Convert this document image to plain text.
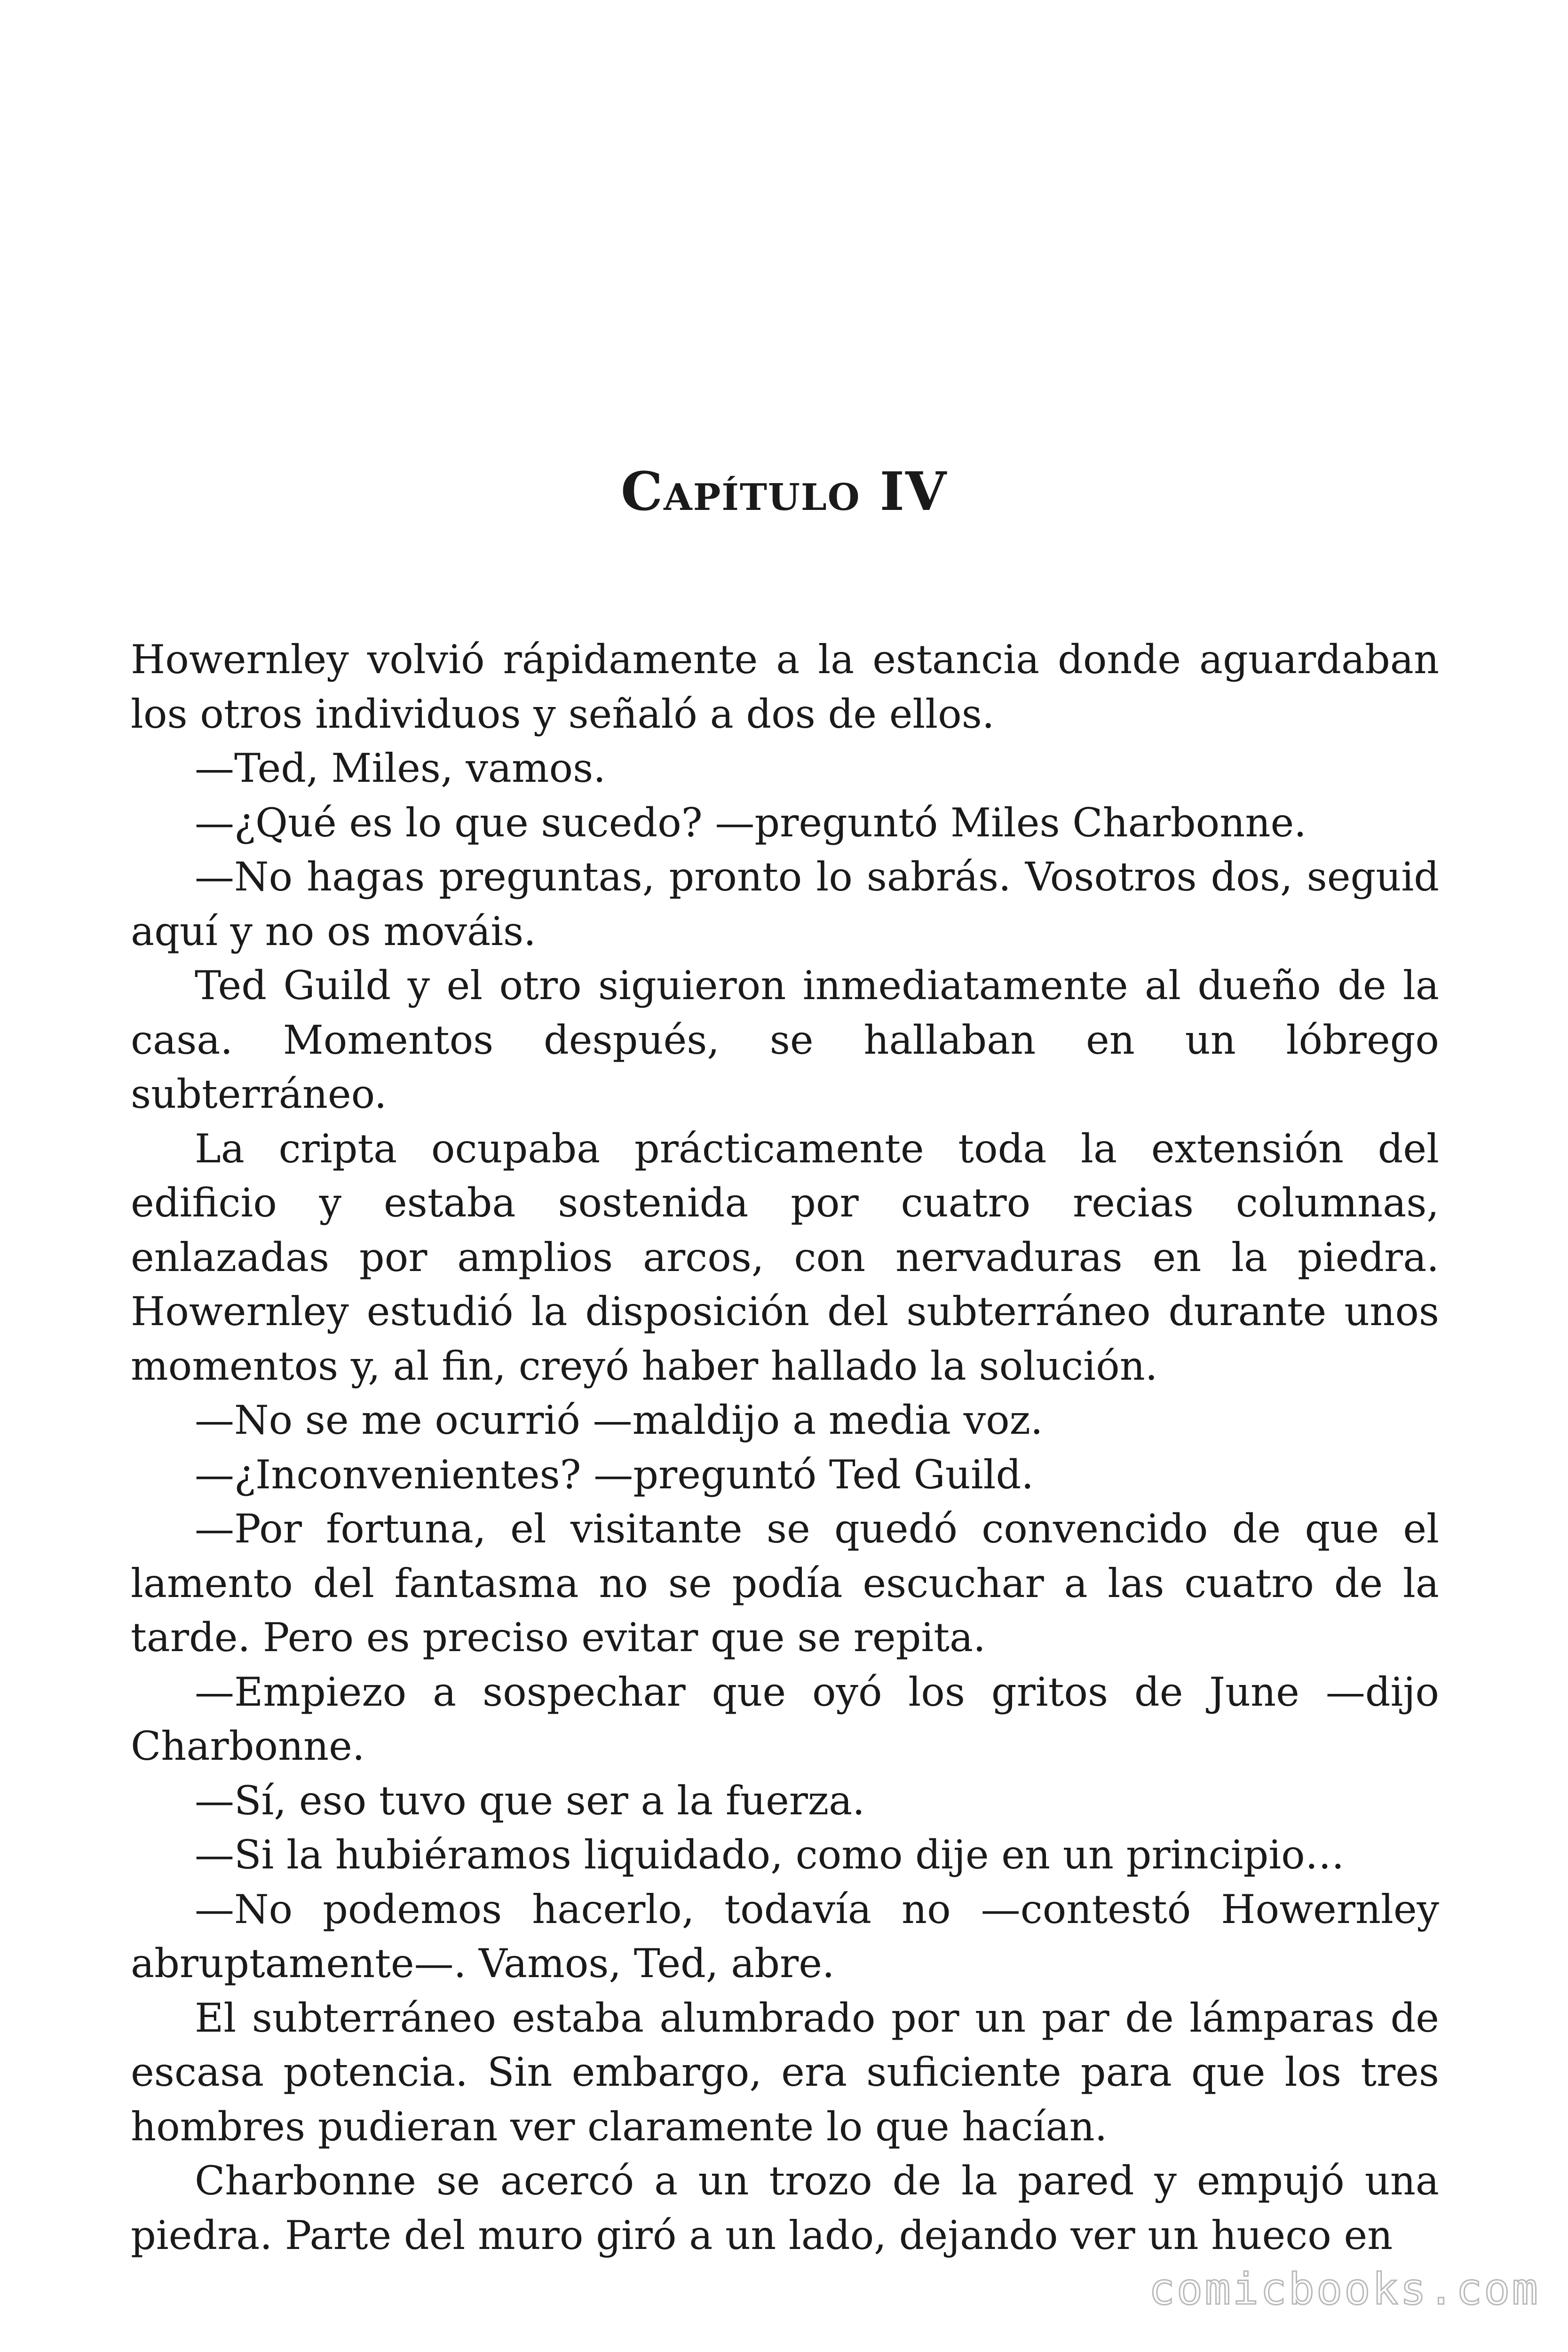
Capítulo IV

Howernley volvió rápidamente a la estancia donde aguardaban los otros individuos y señaló a dos de ellos.

—Ted, Miles, vamos.

—¿Qué es lo que sucedo? —preguntó Miles Charbonne.

—No hagas preguntas, pronto lo sabrás. Vosotros dos, seguid aquí y no os mováis.

Ted Guild y el otro siguieron inmediatamente al dueño de la casa. Momentos después, se hallaban en un lóbrego subterráneo.

La cripta ocupaba prácticamente toda la extensión del edificio y estaba sostenida por cuatro recias columnas, enlazadas por amplios arcos, con nervaduras en la piedra. Howernley estudió la disposición del subterráneo durante unos momentos y, al fin, creyó haber hallado la solución.

—No se me ocurrió —maldijo a media voz.

—¿Inconvenientes? —preguntó Ted Guild.

—Por fortuna, el visitante se quedó convencido de que el lamento del fantasma no se podía escuchar a las cuatro de la tarde. Pero es preciso evitar que se repita.

—Empiezo a sospechar que oyó los gritos de June —dijo Charbonne.

—Sí, eso tuvo que ser a la fuerza.

—Si la hubiéramos liquidado, como dije en un principio…

—No podemos hacerlo, todavía no —contestó Howernley abruptamente—. Vamos, Ted, abre.

El subterráneo estaba alumbrado por un par de lámparas de escasa potencia. Sin embargo, era suficiente para que los tres hombres pudieran ver claramente lo que hacían.

Charbonne se acercó a un trozo de la pared y empujó una piedra. Parte del muro giró a un lado, dejando ver un hueco en

comicbooks.com
